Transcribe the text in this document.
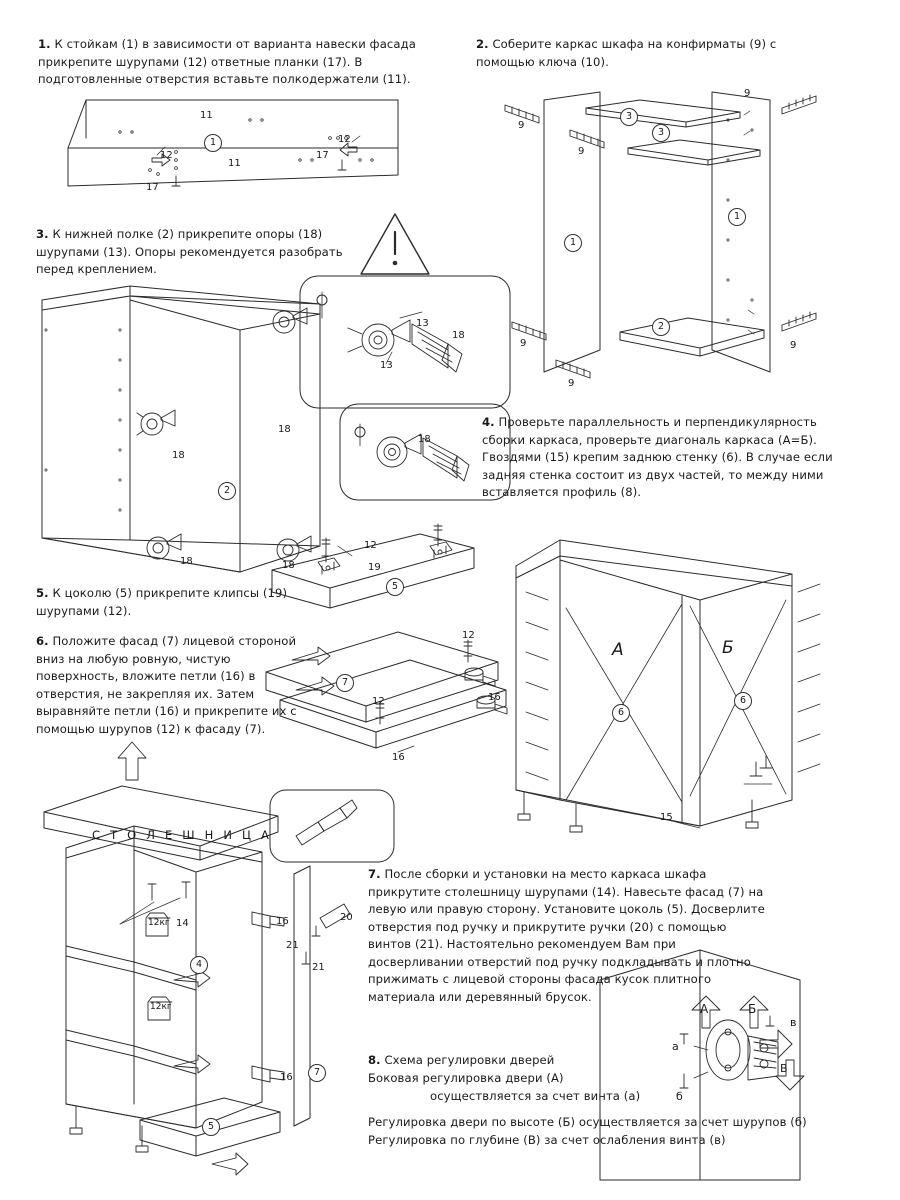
1. К стойкам (1) в зависимости от варианта навески фасада прикрепите шурупами (12) ответные планки (17). В подготовленные отверстия вставьте полкодержатели (11).
2. Соберите каркас шкафа на конфирматы (9) с помощью ключа (10).
3. К нижней полке (2) прикрепите опоры (18) шурупами (13). Опоры рекомендуется разобрать перед креплением.
4. Проверьте параллельность и перпендикулярность сборки каркаса, проверьте диагональ каркаса (А=Б). Гвоздями (15) крепим заднюю стенку (6). В случае если задняя стенка состоит из двух частей, то между ними вставляется профиль (8).
5. К цоколю (5) прикрепите клипсы (19) шурупами (12).
6. Положите фасад (7) лицевой стороной вниз на любую ровную, чистую поверхность, вложите петли (16) в отверстия, не закрепляя их. Затем выравняйте петли (16) и прикрепите их с помощью шурупов (12) к фасаду (7).
7. После сборки и установки на место каркаса шкафа прикрутите столешницу шурупами (14). Навесьте фасад (7) на левую или правую сторону. Установите цоколь (5). Досверлите отверстия под ручку и прикрутите ручки (20) с помощью винтов (21). Настоятельно рекомендуем Вам при досверливании отверстий под ручку подкладывать и плотно прижимать с лицевой стороны фасада кусок плитного материала или деревянный брусок.
8. Схема регулировки дверей
Боковая регулировка двери (А)
осуществляется за счет винта (а)
Регулировка двери по высоте (Б) осуществляется за счет шурупов (б)
Регулировка по глубине (В) за счет ослабления винта (в)
1
11
11
12
17
12
17
9
9
9
9
9
9
3
3
1
1
2
2
18
18
18	18
18
13
13
18
12
19
5
12
16
12
16
7
А	Б
6
6
15
С Т О Л Е Ш Н И Ц А
14	16	20
21
21
16
4
7
5
12кг
12кг	А	Б
В
а
б
в
